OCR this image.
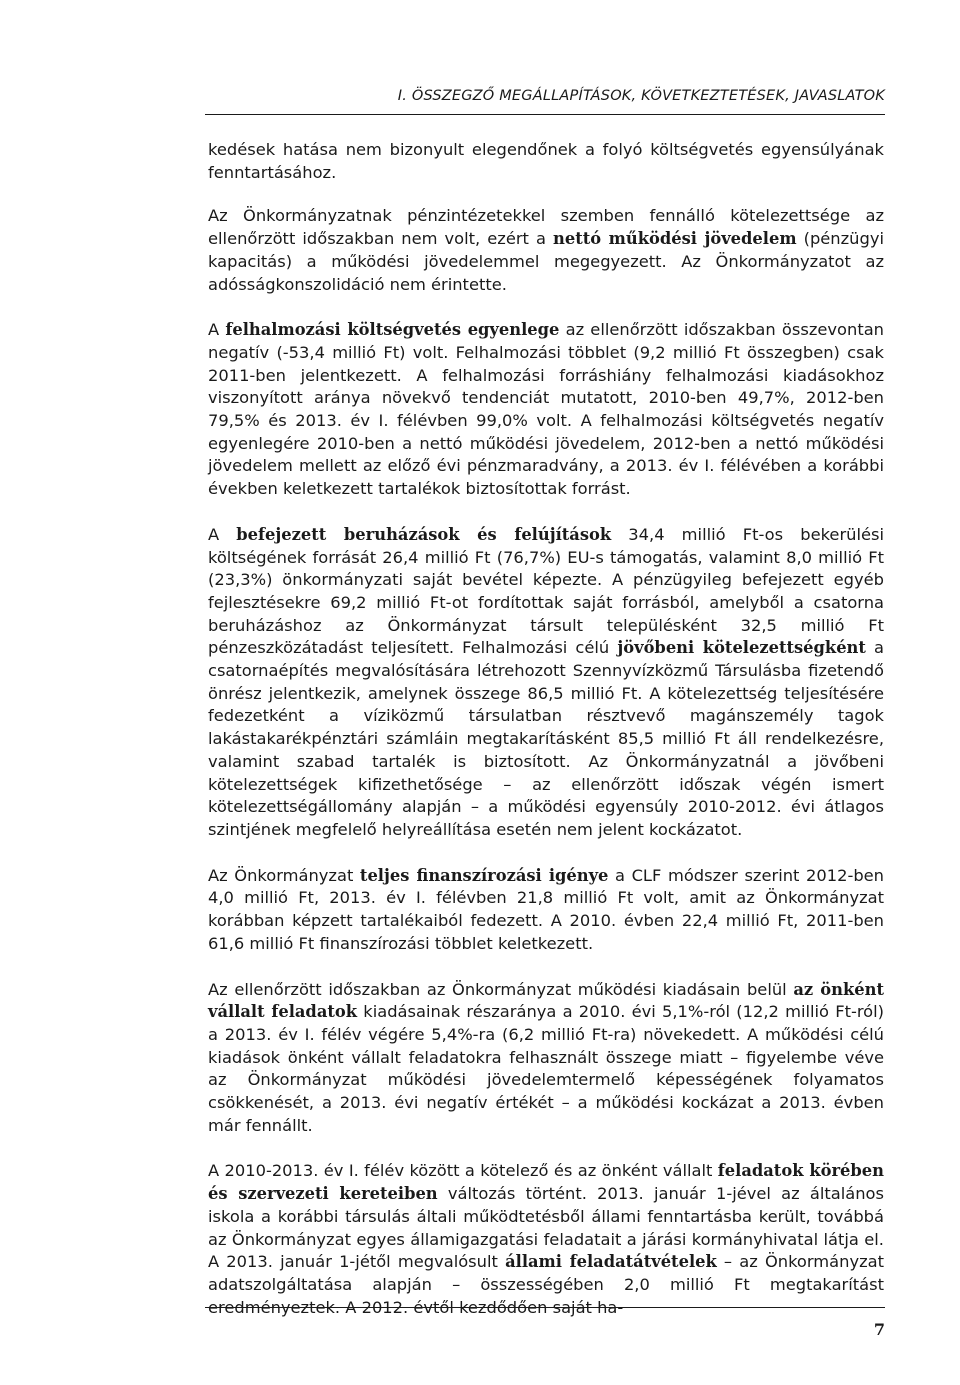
I. ÖSSZEGZŐ MEGÁLLAPÍTÁSOK, KÖVETKEZTETÉSEK, JAVASLATOK

kedések hatása nem bizonyult elegendőnek a folyó költségvetés egyensúlyának fenntartásához.

Az Önkormányzatnak pénzintézetekkel szemben fennálló kötelezettsége az ellenőrzött időszakban nem volt, ezért a nettó működési jövedelem (pénzügyi kapacitás) a működési jövedelemmel megegyezett. Az Önkormányzatot az adósságkonszolidáció nem érintette.

A felhalmozási költségvetés egyenlege az ellenőrzött időszakban összevontan negatív (-53,4 millió Ft) volt. Felhalmozási többlet (9,2 millió Ft összegben) csak 2011-ben jelentkezett. A felhalmozási forráshiány felhalmozási kiadásokhoz viszonyított aránya növekvő tendenciát mutatott, 2010-ben 49,7%, 2012-ben 79,5% és 2013. év I. félévben 99,0% volt. A felhalmozási költségvetés negatív egyenlegére 2010-ben a nettó működési jövedelem, 2012-ben a nettó működési jövedelem mellett az előző évi pénzmaradvány, a 2013. év I. félévében a korábbi években keletkezett tartalékok biztosítottak forrást.

A befejezett beruházások és felújítások 34,4 millió Ft-os bekerülési költségének forrását 26,4 millió Ft (76,7%) EU-s támogatás, valamint 8,0 millió Ft (23,3%) önkormányzati saját bevétel képezte. A pénzügyileg befejezett egyéb fejlesztésekre 69,2 millió Ft-ot fordítottak saját forrásból, amelyből a csatorna beruházáshoz az Önkormányzat társult településként 32,5 millió Ft pénzeszközátadást teljesített. Felhalmozási célú jövőbeni kötelezettségként a csatornaépítés megvalósítására létrehozott Szennyvízközmű Társulásba fizetendő önrész jelentkezik, amelynek összege 86,5 millió Ft. A kötelezettség teljesítésére fedezetként a víziközmű társulatban résztvevő magánszemély tagok lakástakarékpénztári számláin megtakarításként 85,5 millió Ft áll rendelkezésre, valamint szabad tartalék is biztosított. Az Önkormányzatnál a jövőbeni kötelezettségek kifizethetősége – az ellenőrzött időszak végén ismert kötelezettségállomány alapján – a működési egyensúly 2010-2012. évi átlagos szintjének megfelelő helyreállítása esetén nem jelent kockázatot.

Az Önkormányzat teljes finanszírozási igénye a CLF módszer szerint 2012-ben 4,0 millió Ft, 2013. év I. félévben 21,8 millió Ft volt, amit az Önkormányzat korábban képzett tartalékaiból fedezett. A 2010. évben 22,4 millió Ft, 2011-ben 61,6 millió Ft finanszírozási többlet keletkezett.

Az ellenőrzött időszakban az Önkormányzat működési kiadásain belül az önként vállalt feladatok kiadásainak részaránya a 2010. évi 5,1%-ról (12,2 millió Ft-ról) a 2013. év I. félév végére 5,4%-ra (6,2 millió Ft-ra) növekedett. A működési célú kiadások önként vállalt feladatokra felhasznált összege miatt – figyelembe véve az Önkormányzat működési jövedelemtermelő képességének folyamatos csökkenését, a 2013. évi negatív értékét – a működési kockázat a 2013. évben már fennállt.

A 2010-2013. év I. félév között a kötelező és az önként vállalt feladatok körében és szervezeti kereteiben változás történt. 2013. január 1-jével az általános iskola a korábbi társulás általi működtetésből állami fenntartásba került, továbbá az Önkormányzat egyes államigazgatási feladatait a járási kormányhivatal látja el. A 2013. január 1-jétől megvalósult állami feladatátvételek – az Önkormányzat adatszolgáltatása alapján – összességében 2,0 millió Ft megtakarítást eredményeztek. A 2012. évtől kezdődően saját ha-

7
